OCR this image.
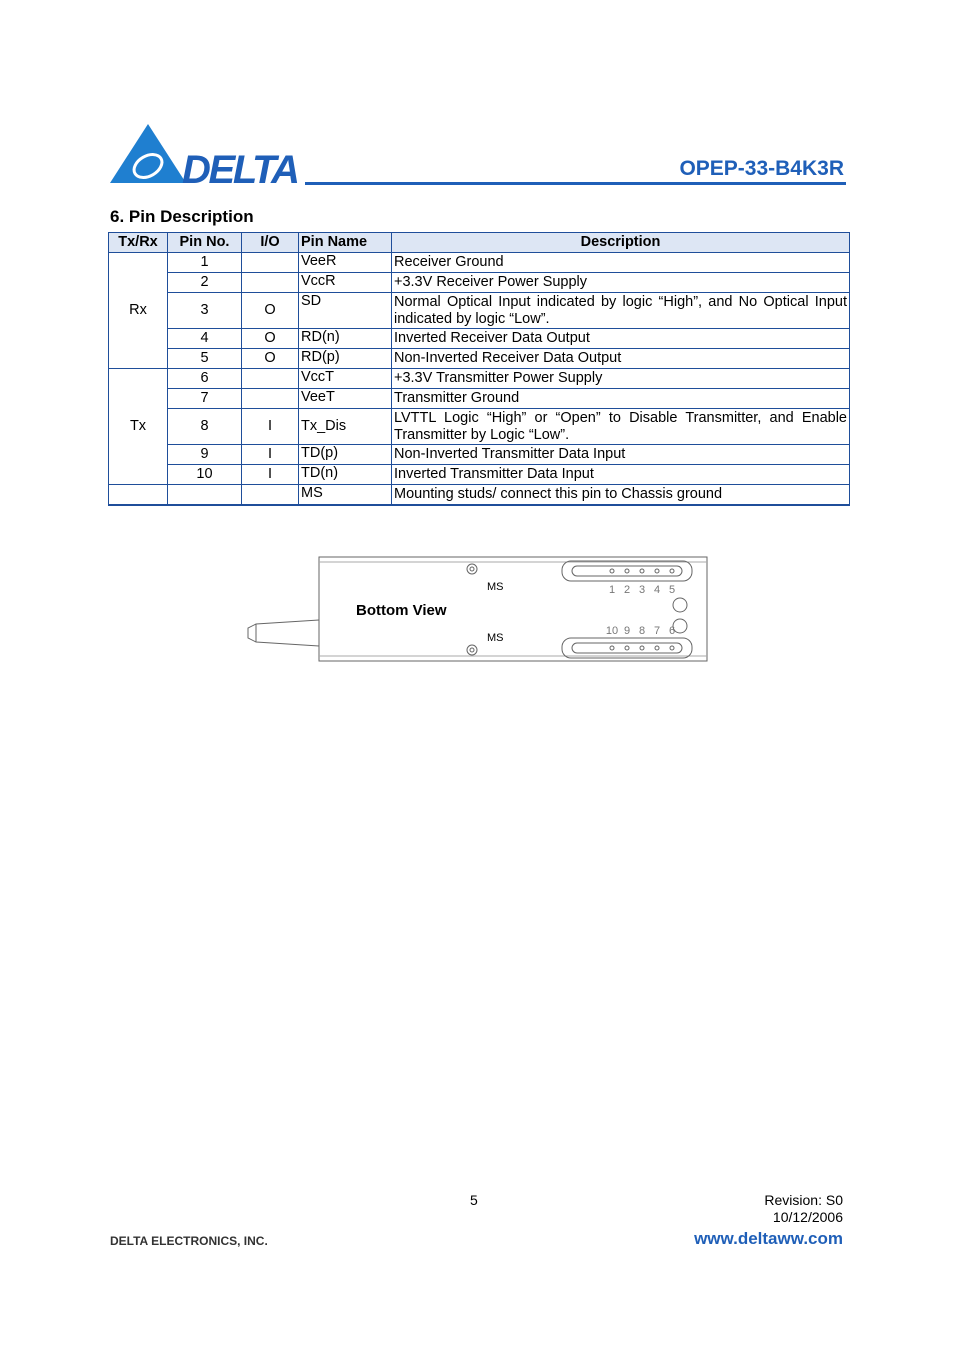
DELTA	OPEP-33-B4K3R
6. Pin Description
Tx/Rx	Pin No.	I/O	Pin Name	Description
Rx	1		VeeR	Receiver Ground
	2		VccR	+3.3V Receiver Power Supply
	3	O	SD	Normal Optical Input indicated by logic “High”, and No Optical Input indicated by logic “Low”.
	4	O	RD(n)	Inverted Receiver Data Output
	5	O	RD(p)	Non-Inverted Receiver Data Output
Tx	6		VccT	+3.3V Transmitter Power Supply
	7		VeeT	Transmitter Ground
	8	I	Tx_Dis	LVTTL Logic “High” or “Open” to Disable Transmitter, and Enable Transmitter by Logic “Low”.
	9	I	TD(p)	Non-Inverted Transmitter Data Input
	10	I	TD(n)	Inverted Transmitter Data Input
			MS	Mounting studs/ connect this pin to Chassis ground
Bottom View
MS
MS
1 2 3 4 5
10 9 8 7 6
5	Revision: S0
10/12/2006
DELTA ELECTRONICS, INC.	www.deltaww.com
